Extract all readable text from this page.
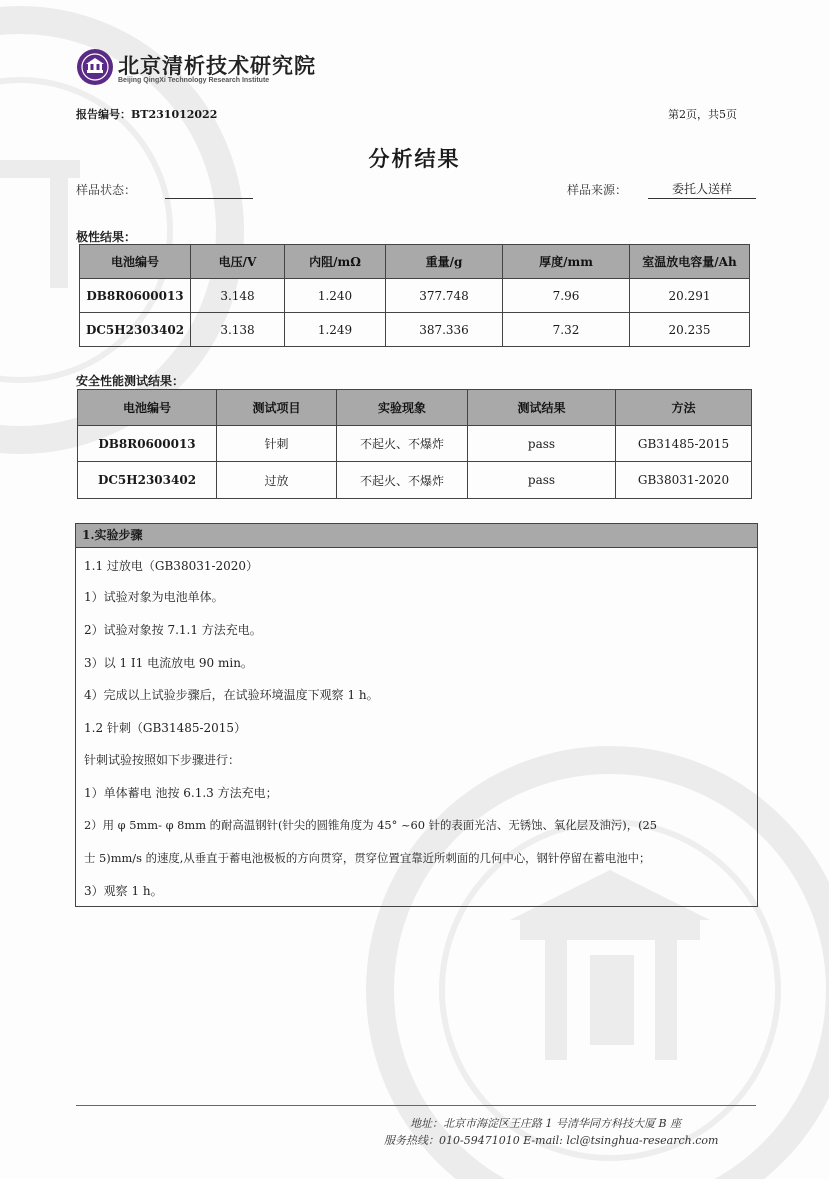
北京清析技术研究院
Beijing QingXi Technology Research Institute
报告编号：BT231012022	第2页，共5页
分析结果
样品状态：	样品来源：	委托人送样
极性结果：
电池编号	电压/V	内阻/mΩ	重量/g	厚度/mm	室温放电容量/Ah
DB8R0600013	3.148	1.240	377.748	7.96	20.291
DC5H2303402	3.138	1.249	387.336	7.32	20.235
安全性能测试结果：
电池编号	测试项目	实验现象	测试结果	方法
DB8R0600013	针刺	不起火、不爆炸	pass	GB31485-2015
DC5H2303402	过放	不起火、不爆炸	pass	GB38031-2020
1.实验步骤
1.1 过放电（GB38031-2020）
1）试验对象为电池单体。
2）试验对象按 7.1.1 方法充电。
3）以 1 I1 电流放电 90 min。
4）完成以上试验步骤后，在试验环境温度下观察 1 h。
1.2 针刺（GB31485-2015）
针刺试验按照如下步骤进行：
1）单体蓄电 池按 6.1.3 方法充电；
2）用 φ 5mm- φ 8mm 的耐高温钢针(针尖的圆锥角度为 45° ~60 针的表面光洁、无锈蚀、氧化层及油污)，(25
士 5)mm/s 的速度,从垂直于蓄电池极板的方向贯穿，贯穿位置宜靠近所刺面的几何中心，钢针停留在蓄电池中；
3）观察 1 h。
地址：北京市海淀区王庄路 1 号清华同方科技大厦 B 座
服务热线：010-59471010 E-mail: lcl@tsinghua-research.com
